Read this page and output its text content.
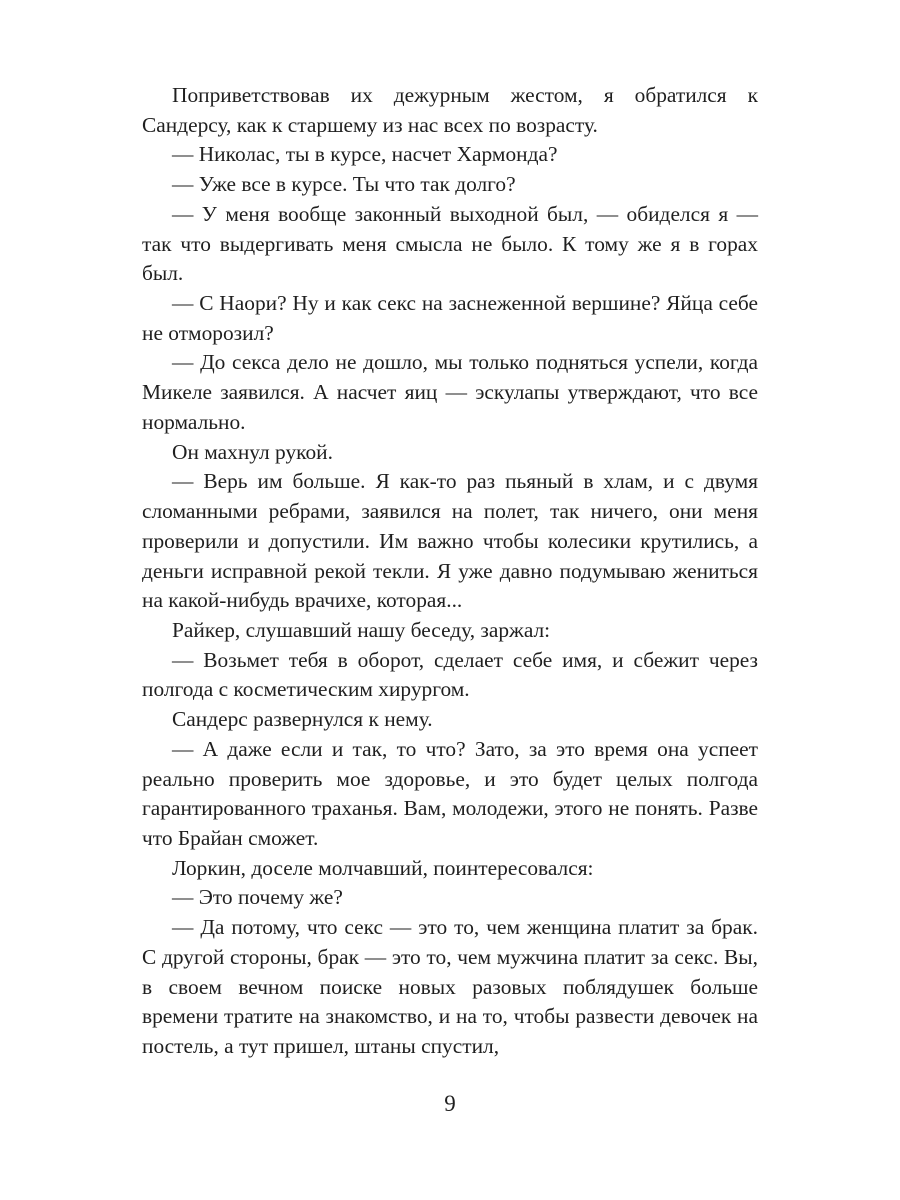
Поприветствовав их дежурным жестом, я обратился к Сандерсу, как к старшему из нас всех по возрасту.

— Николас, ты в курсе, насчет Хармонда?

— Уже все в курсе. Ты что так долго?

— У меня вообще законный выходной был, — обиделся я — так что выдергивать меня смысла не было. К тому же я в горах был.

— С Наори? Ну и как секс на заснеженной вершине? Яйца себе не отморозил?

— До секса дело не дошло, мы только подняться успели, когда Микеле заявился. А насчет яиц — эскулапы утверждают, что все нормально.

Он махнул рукой.

— Верь им больше. Я как-то раз пьяный в хлам, и с двумя сломанными ребрами, заявился на полет, так ничего, они меня проверили и допустили. Им важно чтобы колесики крутились, а деньги исправной рекой текли. Я уже давно подумываю жениться на какой-нибудь врачихе, которая...

Райкер, слушавший нашу беседу, заржал:

— Возьмет тебя в оборот, сделает себе имя, и сбежит через полгода с косметическим хирургом.

Сандерс развернулся к нему.

— А даже если и так, то что? Зато, за это время она успеет реально проверить мое здоровье, и это будет целых полгода гарантированного траханья. Вам, молодежи, этого не понять. Разве что Брайан сможет.

Лоркин, доселе молчавший, поинтересовался:

— Это почему же?

— Да потому, что секс — это то, чем женщина платит за брак. С другой стороны, брак — это то, чем мужчина платит за секс. Вы, в своем вечном поиске новых разовых поблядушек больше времени тратите на знакомство, и на то, чтобы развести девочек на постель, а тут пришел, штаны спустил,

9
